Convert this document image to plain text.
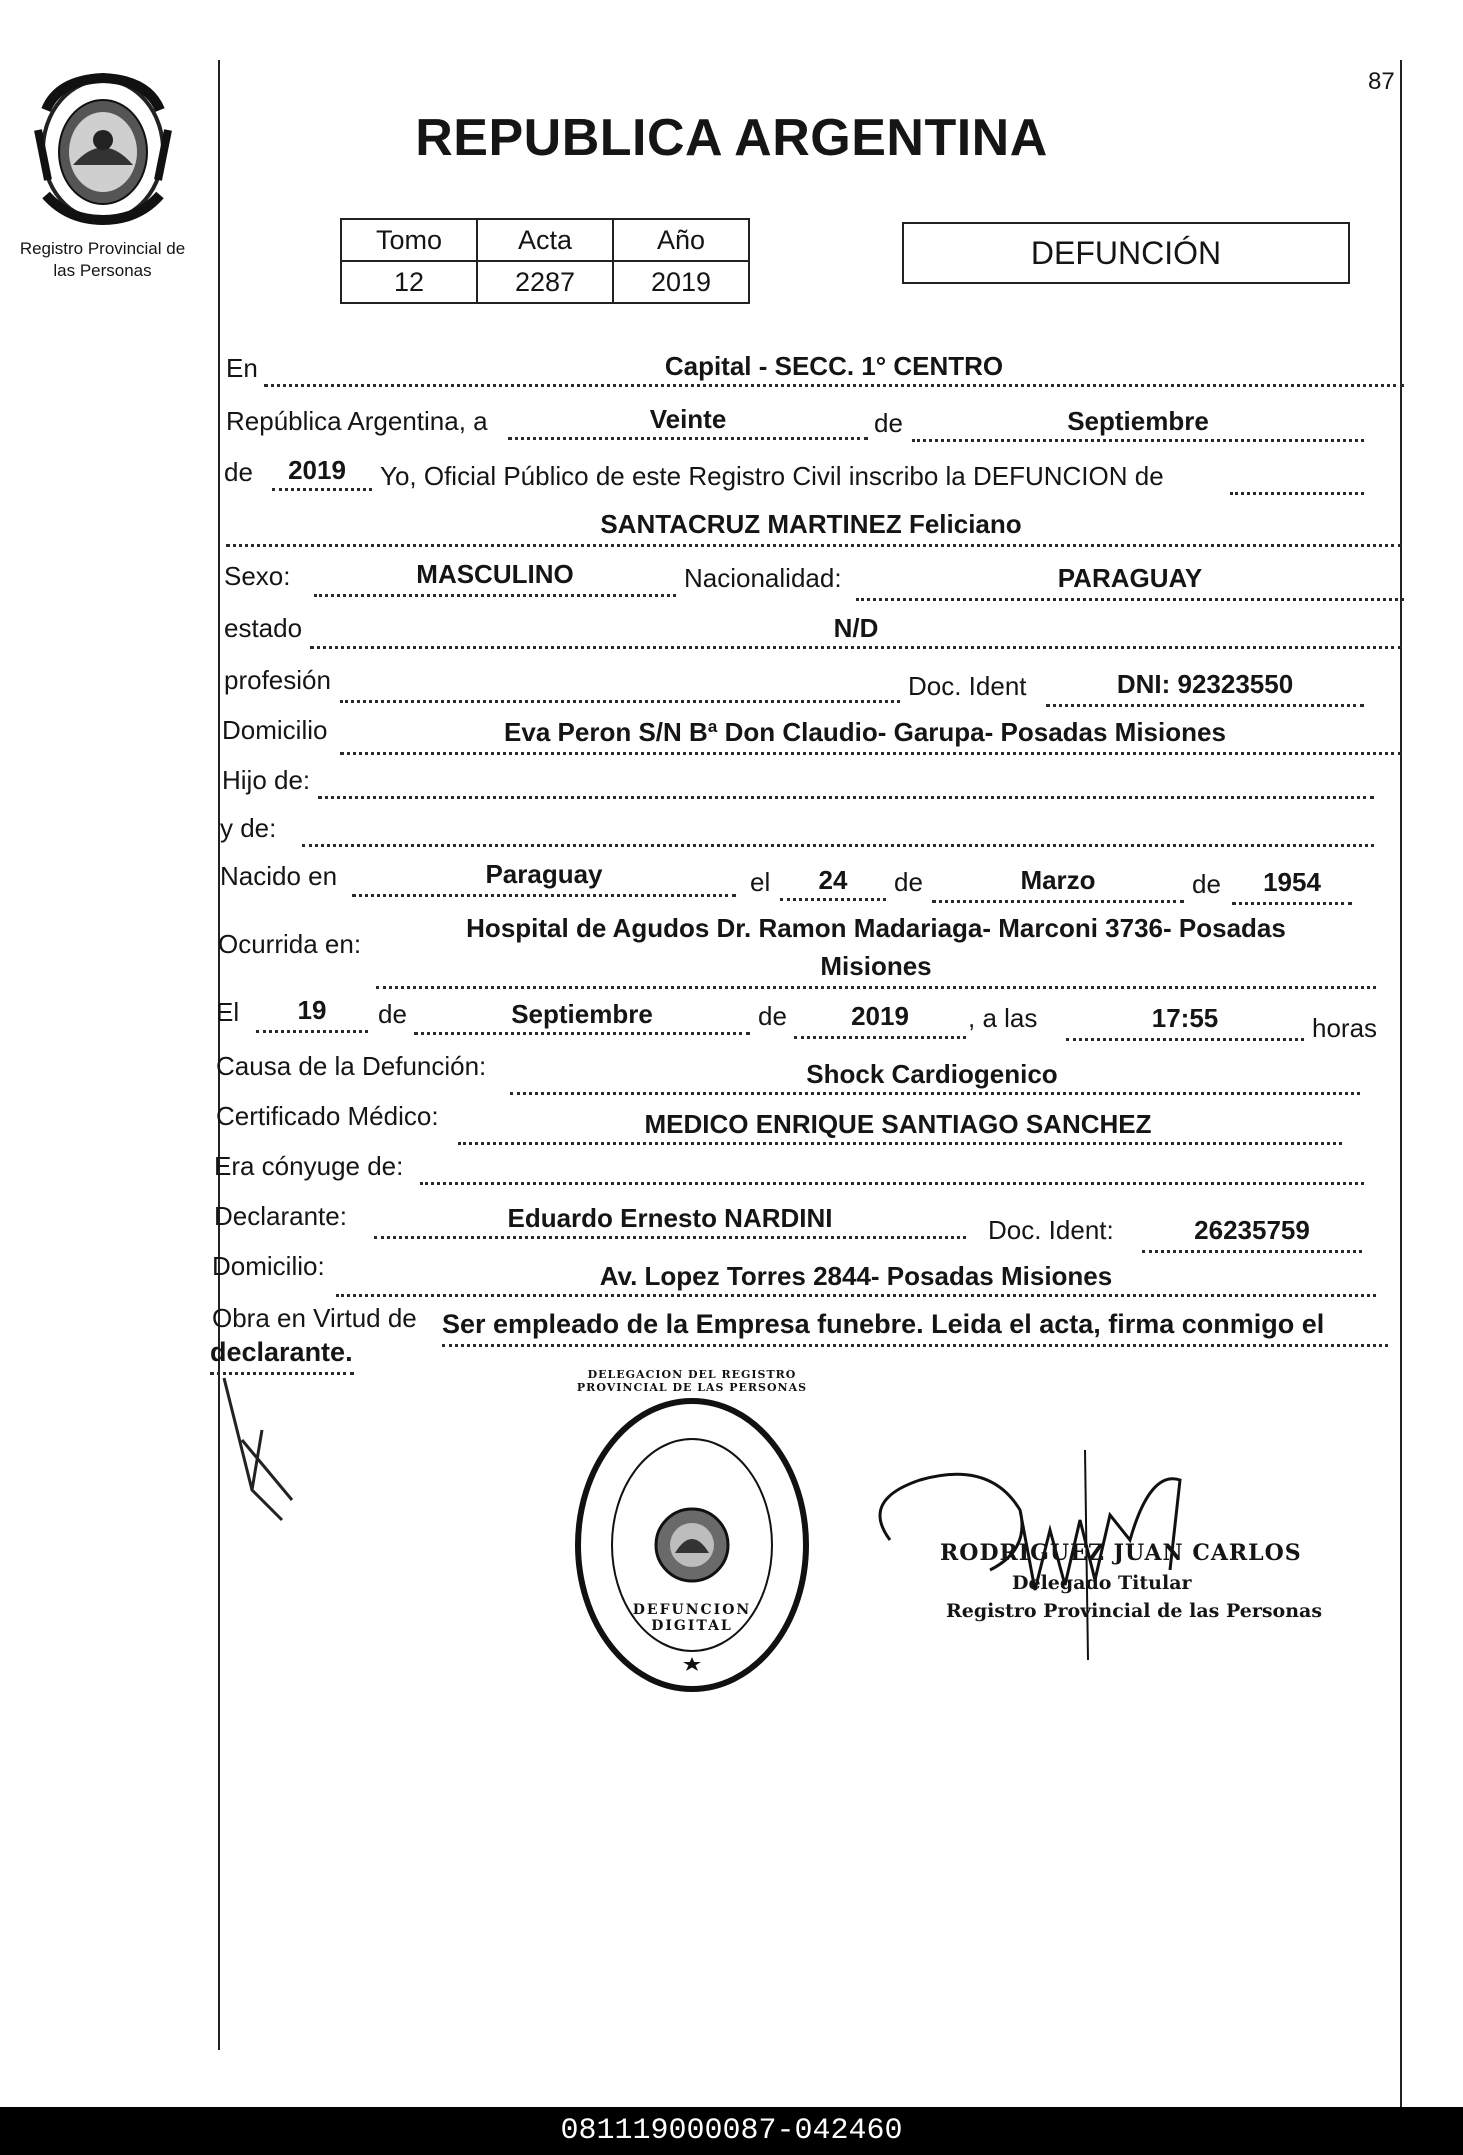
Registro Provincial de
las Personas
87
REPUBLICA ARGENTINA
Tomo	Acta	Año
12	2287	2019
DEFUNCIÓN
En	Capital - SECC. 1° CENTRO
República Argentina, a	Veinte	de	Septiembre
de	2019	Yo, Oficial Público de este Registro Civil inscribo la DEFUNCION de
SANTACRUZ MARTINEZ Feliciano
Sexo:	MASCULINO	Nacionalidad:	PARAGUAY
estado	N/D
profesión	Doc. Ident	DNI: 92323550
Domicilio	Eva Peron S/N Bª Don Claudio- Garupa- Posadas Misiones
Hijo de:
y de:
Nacido en	Paraguay	el	24	de	Marzo	de	1954
Ocurrida en:
Hospital de Agudos Dr. Ramon Madariaga- Marconi 3736- Posadas
Misiones
El	19	de	Septiembre	de	2019	, a las	17:55	horas
Causa de la Defunción:	Shock Cardiogenico
Certificado Médico:	MEDICO ENRIQUE SANTIAGO SANCHEZ
Era cónyuge de:
Declarante:	Eduardo Ernesto NARDINI	Doc. Ident:	26235759
Domicilio:	Av. Lopez Torres 2844- Posadas Misiones
Obra en Virtud de Ser empleado de la Empresa funebre. Leida el acta, firma conmigo el
declarante.
DELEGACION DEL REGISTRO PROVINCIAL DE LAS PERSONAS
DEFUNCION DIGITAL
RODRIGUEZ JUAN CARLOS
Delegado Titular
Registro Provincial de las Personas
081119000087-042460
